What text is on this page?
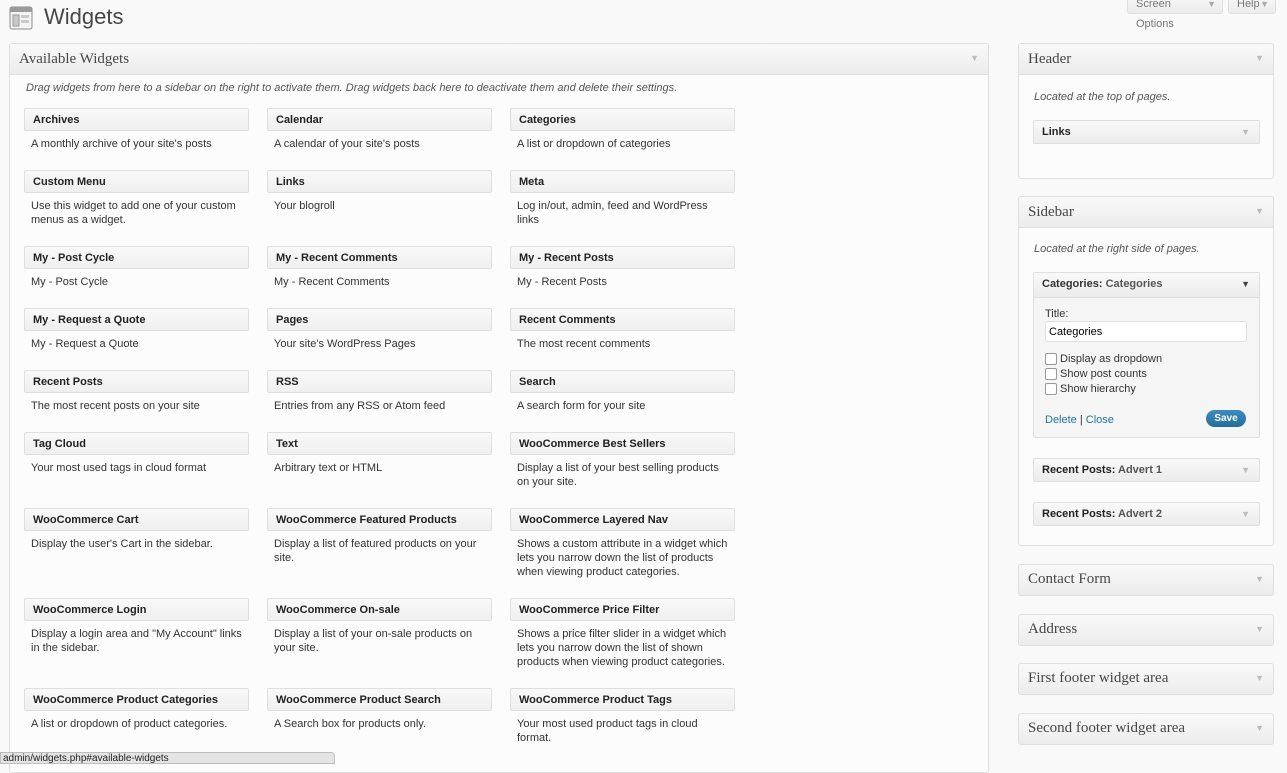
Widgets	Screen Options
▼	Help ▼
Available Widgets	▼
Drag widgets from here to a sidebar on the right to activate them. Drag widgets back here to deactivate them and delete their settings.
Archives
A monthly archive of your site's posts
Calendar
A calendar of your site's posts
Categories
A list or dropdown of categories
Custom Menu
Use this widget to add one of your custom menus as a widget.
Links
Your blogroll
Meta
Log in/out, admin, feed and WordPress links
My - Post Cycle
My - Post Cycle
My - Recent Comments
My - Recent Comments
My - Recent Posts
My - Recent Posts
My - Request a Quote
My - Request a Quote
Pages
Your site's WordPress Pages
Recent Comments
The most recent comments
Recent Posts
The most recent posts on your site
RSS
Entries from any RSS or Atom feed
Search
A search form for your site
Tag Cloud
Your most used tags in cloud format
Text
Arbitrary text or HTML
WooCommerce Best Sellers
Display a list of your best selling products on your site.
WooCommerce Cart
Display the user's Cart in the sidebar.
WooCommerce Featured Products
Display a list of featured products on your site.
WooCommerce Layered Nav
Shows a custom attribute in a widget which lets you narrow down the list of products when viewing product categories.
WooCommerce Login
Display a login area and "My Account" links in the sidebar.
WooCommerce On-sale
Display a list of your on-sale products on your site.
WooCommerce Price Filter
Shows a price filter slider in a widget which lets you narrow down the list of shown products when viewing product categories.
WooCommerce Product Categories
A list or dropdown of product categories.
WooCommerce Product Search
A Search box for products only.
WooCommerce Product Tags
Your most used product tags in cloud format.
Header	▼
Located at the top of pages.
Links	▼
Sidebar	▼
Located at the right side of pages.
Categories: Categories	▼
Title:
Categories
Display as dropdown
Show post counts
Show hierarchy
Delete | Close	Save
Recent Posts: Advert 1	▼
Recent Posts: Advert 2	▼
Contact Form	▼
Address	▼
First footer widget area	▼
Second footer widget area	▼
admin/widgets.php#available-widgets
